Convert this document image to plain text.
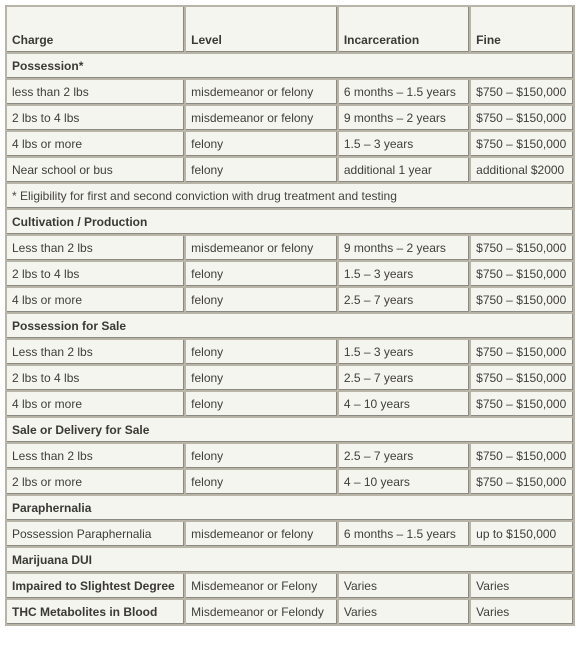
Charge	Level	Incarceration	Fine
Possession*			
less than 2 lbs	misdemeanor or felony	6 months – 1.5 years	$750 – $150,000
2 lbs to 4 lbs	misdemeanor or felony	9 months – 2 years	$750 – $150,000
4 lbs or more	felony	1.5 – 3 years	$750 – $150,000
Near school or bus	felony	additional 1 year	additional $2000
* Eligibility for first and second conviction with drug treatment and testing			
Cultivation / Production			
Less than 2 lbs	misdemeanor or felony	9 months – 2 years	$750 – $150,000
2 lbs to 4 lbs	felony	1.5 – 3 years	$750 – $150,000
4 lbs or more	felony	2.5 – 7 years	$750 – $150,000
Possession for Sale			
Less than 2 lbs	felony	1.5 – 3 years	$750 – $150,000
2 lbs to 4 lbs	felony	2.5 – 7 years	$750 – $150,000
4 lbs or more	felony	4 – 10 years	$750 – $150,000
Sale or Delivery for Sale			
Less than 2 lbs	felony	2.5 – 7 years	$750 – $150,000
2 lbs or more	felony	4 – 10 years	$750 – $150,000
Paraphernalia			
Possession Paraphernalia	misdemeanor or felony	6 months – 1.5 years	up to $150,000
Marijuana DUI			
Impaired to Slightest Degree	Misdemeanor or Felony	Varies	Varies
THC Metabolites in Blood	Misdemeanor or Felondy	Varies	Varies
